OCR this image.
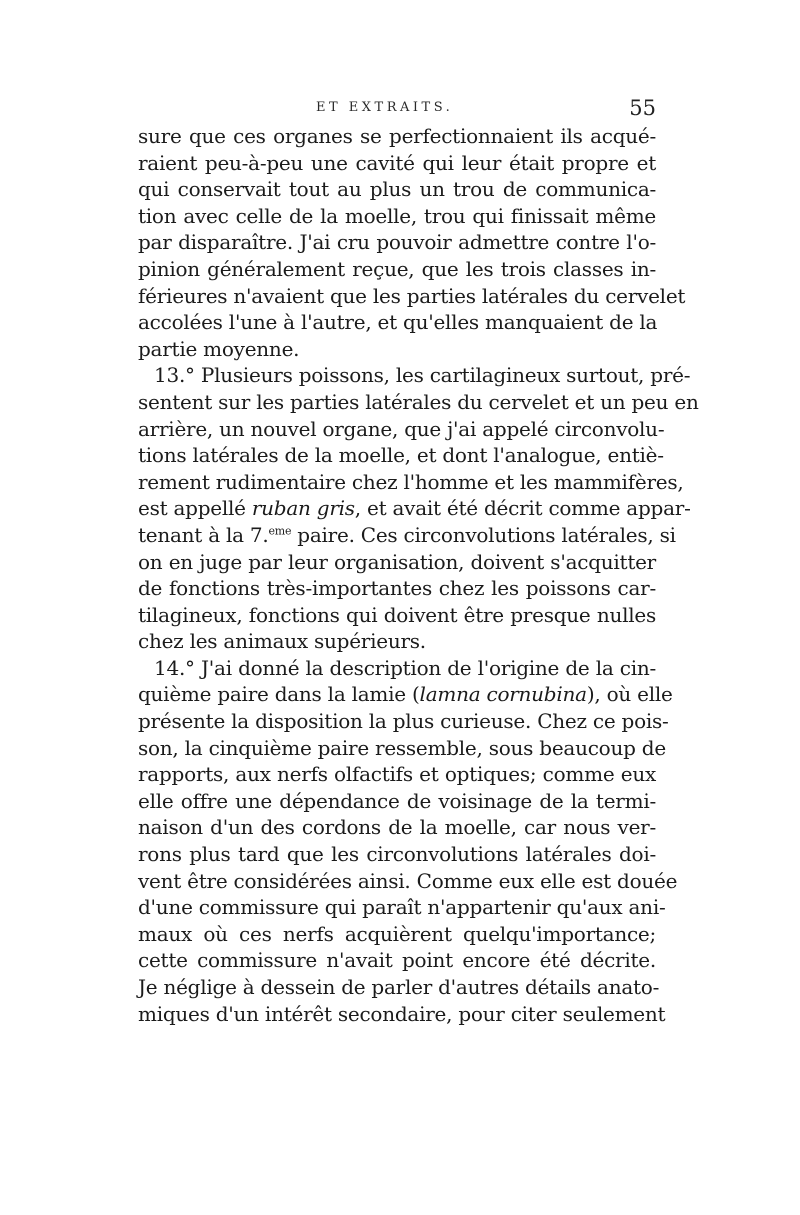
ET EXTRAITS.	55
sure que ces organes se perfectionnaient ils acqué-
raient peu-à-peu une cavité qui leur était propre et
qui conservait tout au plus un trou de communica-
tion avec celle de la moelle, trou qui finissait même
par disparaître. J'ai cru pouvoir admettre contre l'o-
pinion généralement reçue, que les trois classes in-
férieures n'avaient que les parties latérales du cervelet
accolées l'une à l'autre, et qu'elles manquaient de la
partie moyenne.
13.° Plusieurs poissons, les cartilagineux surtout, pré-
sentent sur les parties latérales du cervelet et un peu en
arrière, un nouvel organe, que j'ai appelé circonvolu-
tions latérales de la moelle, et dont l'analogue, entiè-
rement rudimentaire chez l'homme et les mammifères,
est appellé ruban gris, et avait été décrit comme appar-
tenant à la 7.$^{eme}$ paire. Ces circonvolutions latérales, si
on en juge par leur organisation, doivent s'acquitter
de fonctions très-importantes chez les poissons car-
tilagineux, fonctions qui doivent être presque nulles
chez les animaux supérieurs.
14.° J'ai donné la description de l'origine de la cin-
quième paire dans la lamie (lamna cornubina), où elle
présente la disposition la plus curieuse. Chez ce pois-
son, la cinquième paire ressemble, sous beaucoup de
rapports, aux nerfs olfactifs et optiques; comme eux
elle offre une dépendance de voisinage de la termi-
naison d'un des cordons de la moelle, car nous ver-
rons plus tard que les circonvolutions latérales doi-
vent être considérées ainsi. Comme eux elle est douée
d'une commissure qui paraît n'appartenir qu'aux ani-
maux où ces nerfs acquièrent quelqu'importance;
cette commissure n'avait point encore été décrite.
Je néglige à dessein de parler d'autres détails anato-
miques d'un intérêt secondaire, pour citer seulement
